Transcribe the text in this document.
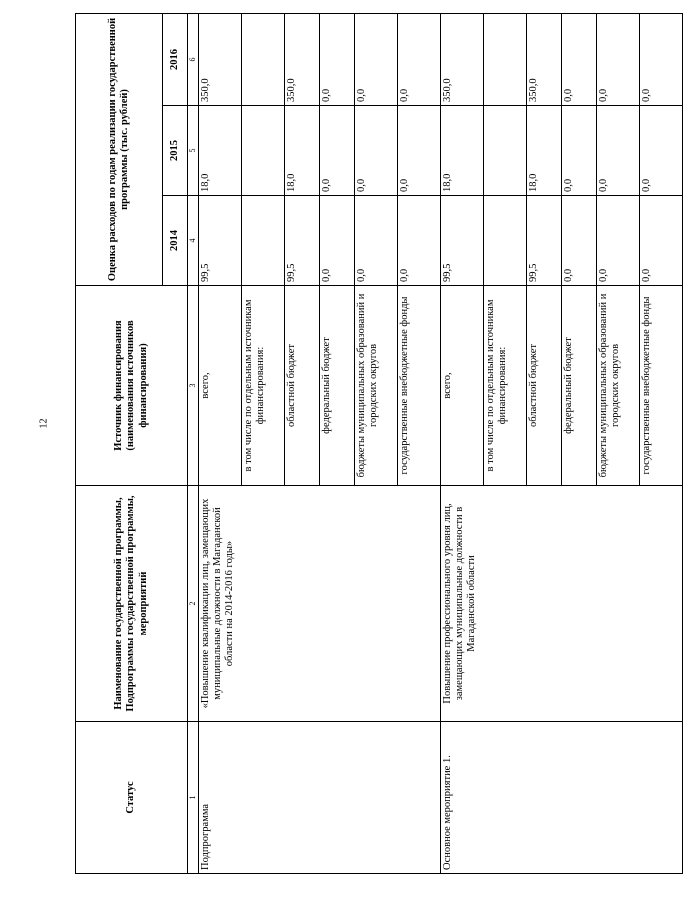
12
Статус	Наименование государственной программы, Подпрограммы государственной программы, мероприятий	Источник финансирования (наименования источников финансирования)	Оценка расходов по годам реализации государственной программы (тыс. рублей)		
			2014	2015	2016
1	2	3	4	5	6
Подпрограмма	«Повышение квалификации лиц, замещающих муниципальные должности в Магаданской области на 2014-2016 годы»	всего,	99,5	18,0	350,0
		в том числе по отдельным источникам финансирования:			
		областной бюджет	99,5	18,0	350,0
		федеральный бюджет	0,0	0,0	0,0
		бюджеты муниципальных образований и городских округов	0,0	0,0	0,0
		государственные внебюджетные фонды	0,0	0,0	0,0
Основное мероприятие 1.	Повышение профессионального уровня лиц, замещающих муниципальные должности в Магаданской области	всего,	99,5	18,0	350,0
		в том числе по отдельным источникам финансирования:			
		областной бюджет	99,5	18,0	350,0
		федеральный бюджет	0,0	0,0	0,0
		бюджеты муниципальных образований и городских округов	0,0	0,0	0,0
		государственные внебюджетные фонды	0,0	0,0	0,0
